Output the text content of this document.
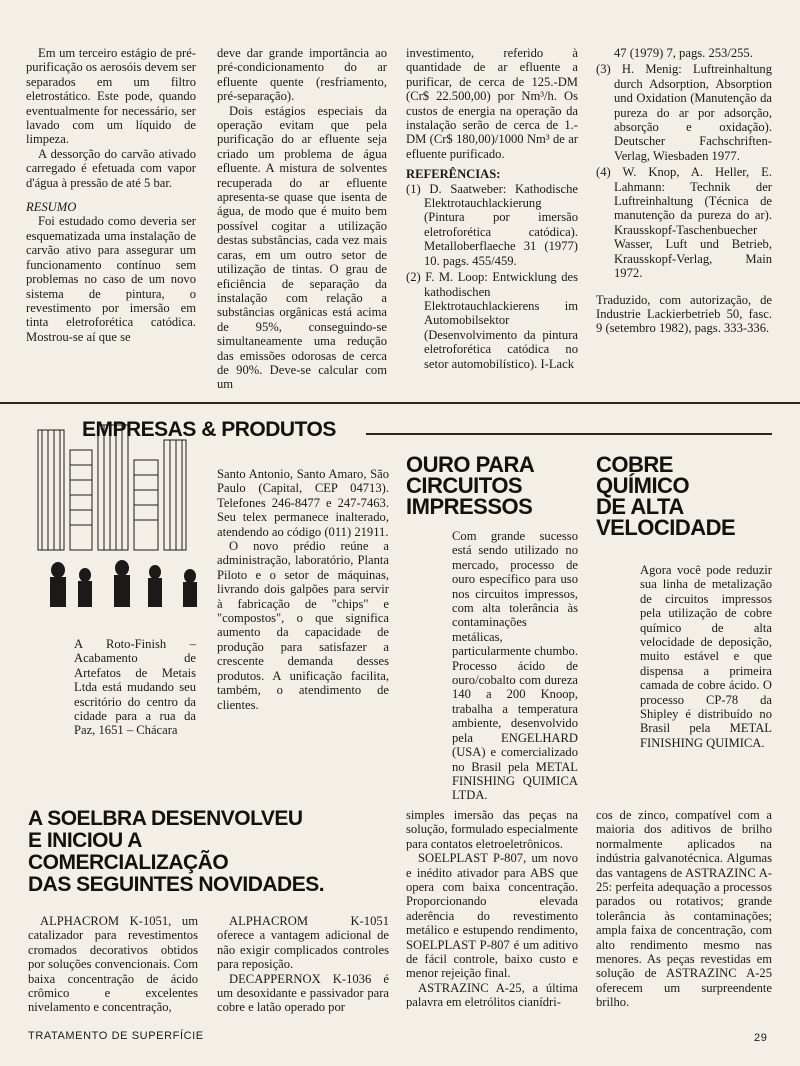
Em um terceiro estágio de pré-purificação os aerosóis devem ser separados em um filtro eletrostático. Este pode, quando eventualmente for necessário, ser lavado com um líquido de limpeza.

A dessorção do carvão ativado carregado é efetuada com vapor d'água à pressão de até 5 bar.

RESUMO

Foi estudado como deveria ser esquematizada uma instalação de carvão ativo para assegurar um funcionamento contínuo sem problemas no caso de um novo sistema de pintura, o revestimento por imersão em tinta eletroforética catódica. Mostrou-se aí que se

deve dar grande importância ao pré-condicionamento do ar efluente quente (resfriamento, pré-separação).

Dois estágios especiais da operação evitam que pela purificação do ar efluente seja criado um problema de água efluente. A mistura de solventes recuperada do ar efluente apresenta-se quase que isenta de água, de modo que é muito bem possível cogitar a utilização destas substâncias, cada vez mais caras, em um outro setor de utilização de tintas. O grau de eficiência de separação da instalação com relação a substâncias orgânicas está acima de 95%, conseguindo-se simultaneamente uma redução das emissões odorosas de cerca de 90%. Deve-se calcular com um

investimento, referido à quantidade de ar efluente a purificar, de cerca de 125.-DM (Cr$ 22.500,00) por Nm³/h. Os custos de energia na operação da instalação serão de cerca de 1.-DM (Cr$ 180,00)/1000 Nm³ de ar efluente purificado.

REFERÊNCIAS:

(1) D. Saatweber: Kathodische Elektrotauchlackierung (Pintura por imersão eletroforética catódica). Metalloberflaeche 31 (1977) 10. pags. 455/459.

(2) F. M. Loop: Entwicklung des kathodischen Elektrotauchlackierens im Automobilsektor (Desenvolvimento da pintura eletroforética catódica no setor automobilístico). I-Lack

47 (1979) 7, pags. 253/255.

(3) H. Menig: Luftreinhaltung durch Adsorption, Absorption und Oxidation (Manutenção da pureza do ar por adsorção, absorção e oxidação). Deutscher Fachschriften-Verlag, Wiesbaden 1977.

(4) W. Knop, A. Heller, E. Lahmann: Technik der Luftreinhaltung (Técnica de manutenção da pureza do ar). Krausskopf-Taschenbuecher Wasser, Luft und Betrieb, Krausskopf-Verlag, Main 1972.

Traduzido, com autorização, de Industrie Lackierbetrieb 50, fasc. 9 (setembro 1982), pags. 333-336.

EMPRESAS & PRODUTOS

A Roto-Finish – Acabamento de Artefatos de Metais Ltda está mudando seu escritório do centro da cidade para a rua da Paz, 1651 – Chácara

Santo Antonio, Santo Amaro, São Paulo (Capital, CEP 04713). Telefones 246-8477 e 247-7463. Seu telex permanece inalterado, atendendo ao código (011) 21911.

O novo prédio reúne a administração, laboratório, Planta Piloto e o setor de máquinas, livrando dois galpões para servir à fabricação de "chips" e "compostos", o que significa aumento da capacidade de produção para satisfazer a crescente demanda desses produtos. A unificação facilita, também, o atendimento de clientes.

OURO PARA
CIRCUITOS
IMPRESSOS

Com grande sucesso está sendo utilizado no mercado, processo de ouro específico para uso nos circuitos impressos, com alta tolerância às contaminações metálicas, particularmente chumbo. Processo ácido de ouro/cobalto com dureza 140 a 200 Knoop, trabalha a temperatura ambiente, desenvolvido pela ENGELHARD (USA) e comercializado no Brasil pela METAL FINISHING QUIMICA LTDA.

COBRE
QUÍMICO
DE ALTA
VELOCIDADE

Agora você pode reduzir sua linha de metalização de circuitos impressos pela utilização de cobre químico de alta velocidade de deposição, muito estável e que dispensa a primeira camada de cobre ácido. O processo CP-78 da Shipley é distribuído no Brasil pela METAL FINISHING QUIMICA.

A SOELBRA DESENVOLVEU
E INICIOU A
COMERCIALIZAÇÃO
DAS SEGUINTES NOVIDADES.

ALPHACROM K-1051, um catalizador para revestimentos cromados decorativos obtidos por soluções convencionais. Com baixa concentração de ácido crômico e excelentes nivelamento e concentração,

ALPHACROM K-1051 oferece a vantagem adicional de não exigir complicados controles para reposição.

DECAPPERNOX K-1036 é um desoxidante e passivador para cobre e latão operado por

simples imersão das peças na solução, formulado especialmente para contatos eletroeletrônicos.

SOELPLAST P-807, um novo e inédito ativador para ABS que opera com baixa concentração. Proporcionando elevada aderência do revestimento metálico e estupendo rendimento, SOELPLAST P-807 é um aditivo de fácil controle, baixo custo e menor rejeição final.

ASTRAZINC A-25, a última palavra em eletrólitos cianídri-

cos de zinco, compatível com a maioria dos aditivos de brilho normalmente aplicados na indústria galvanotécnica. Algumas das vantagens de ASTRAZINC A-25: perfeita adequação a processos parados ou rotativos; grande tolerância às contaminações; ampla faixa de concentração, com alto rendimento mesmo nas menores. As peças revestidas em solução de ASTRAZINC A-25 oferecem um surpreendente brilho.

TRATAMENTO DE SUPERFÍCIE	29
